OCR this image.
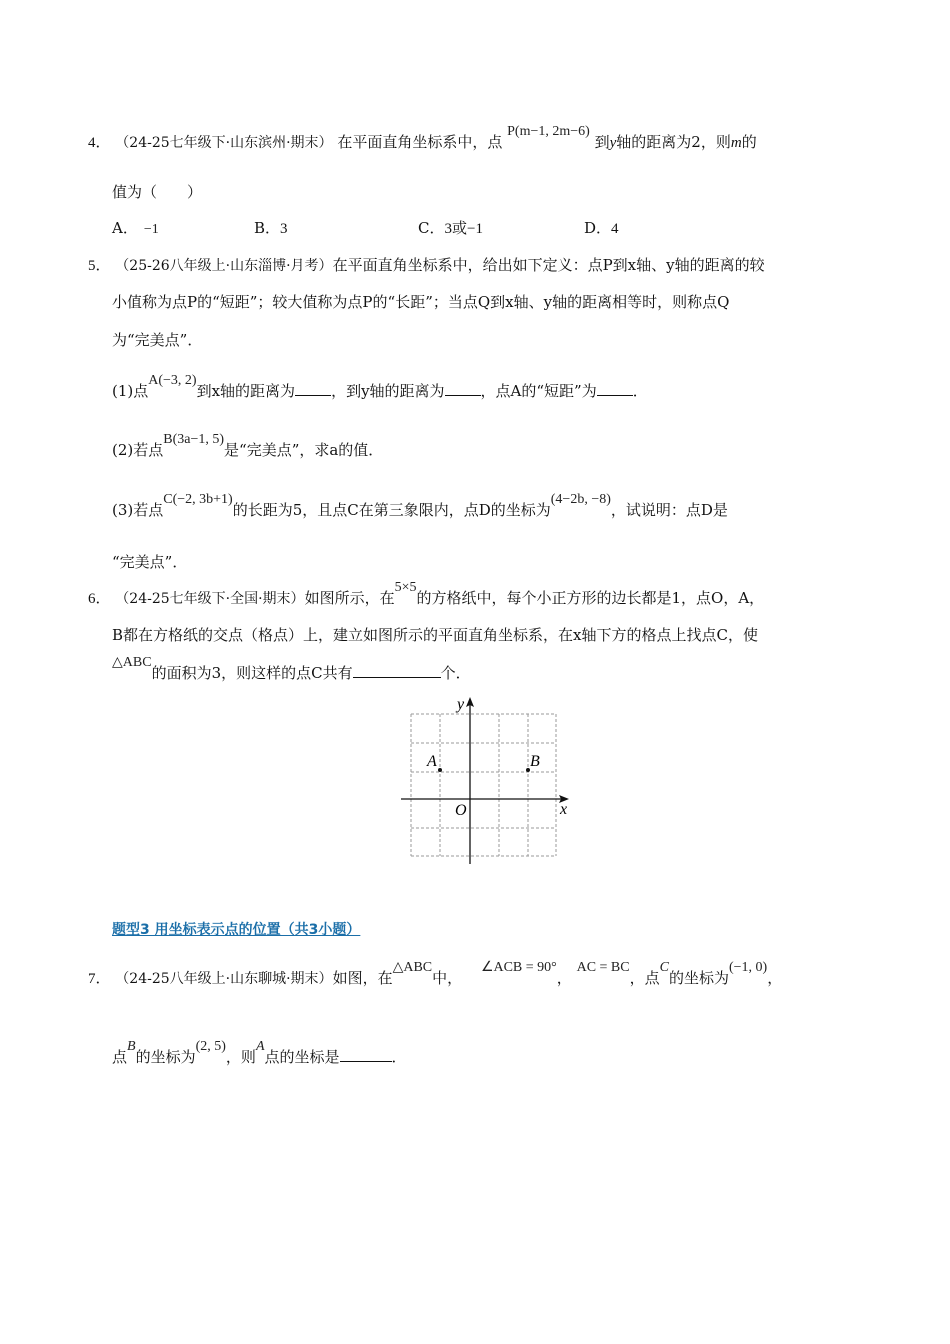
4． （24-25七年级下·山东滨州·期末） 在平面直角坐标系中，点 P(m−1, 2m−6) 到y轴的距离为2，则m的
值为（　　）
A． −1	B．3	C．3或−1	D．4
5． （25-26八年级上·山东淄博·月考）在平面直角坐标系中，给出如下定义：点P到x轴、y轴的距离的较
小值称为点P的“短距”；较大值称为点P的“长距”；当点Q到x轴、y轴的距离相等时，则称点Q
为“完美点”．
(1)点A(−3, 2)到x轴的距离为 ，到y轴的距离为 ，点A的“短距”为 ．
(2)若点B(3a−1, 5)是“完美点”，求a的值．
(3)若点C(−2, 3b+1)的长距为5，且点C在第三象限内，点D的坐标为(4−2b, −8)，试说明：点D是
“完美点”．
6． （24-25七年级下·全国·期末）如图所示，在5×5的方格纸中，每个小正方形的边长都是1，点O，A，
B都在方格纸的交点（格点）上，建立如图所示的平面直角坐标系，在x轴下方的格点上找点C，使
△ABC的面积为3，则这样的点C共有	个．
y
x
O
A	B
题型3 用坐标表示点的位置（共3小题）
7． （24-25八年级上·山东聊城·期末）如图，在△ABC中， ∠ACB = 90°， AC = BC，点C的坐标为(−1, 0)，
点B的坐标为(2, 5)，则A点的坐标是	．
